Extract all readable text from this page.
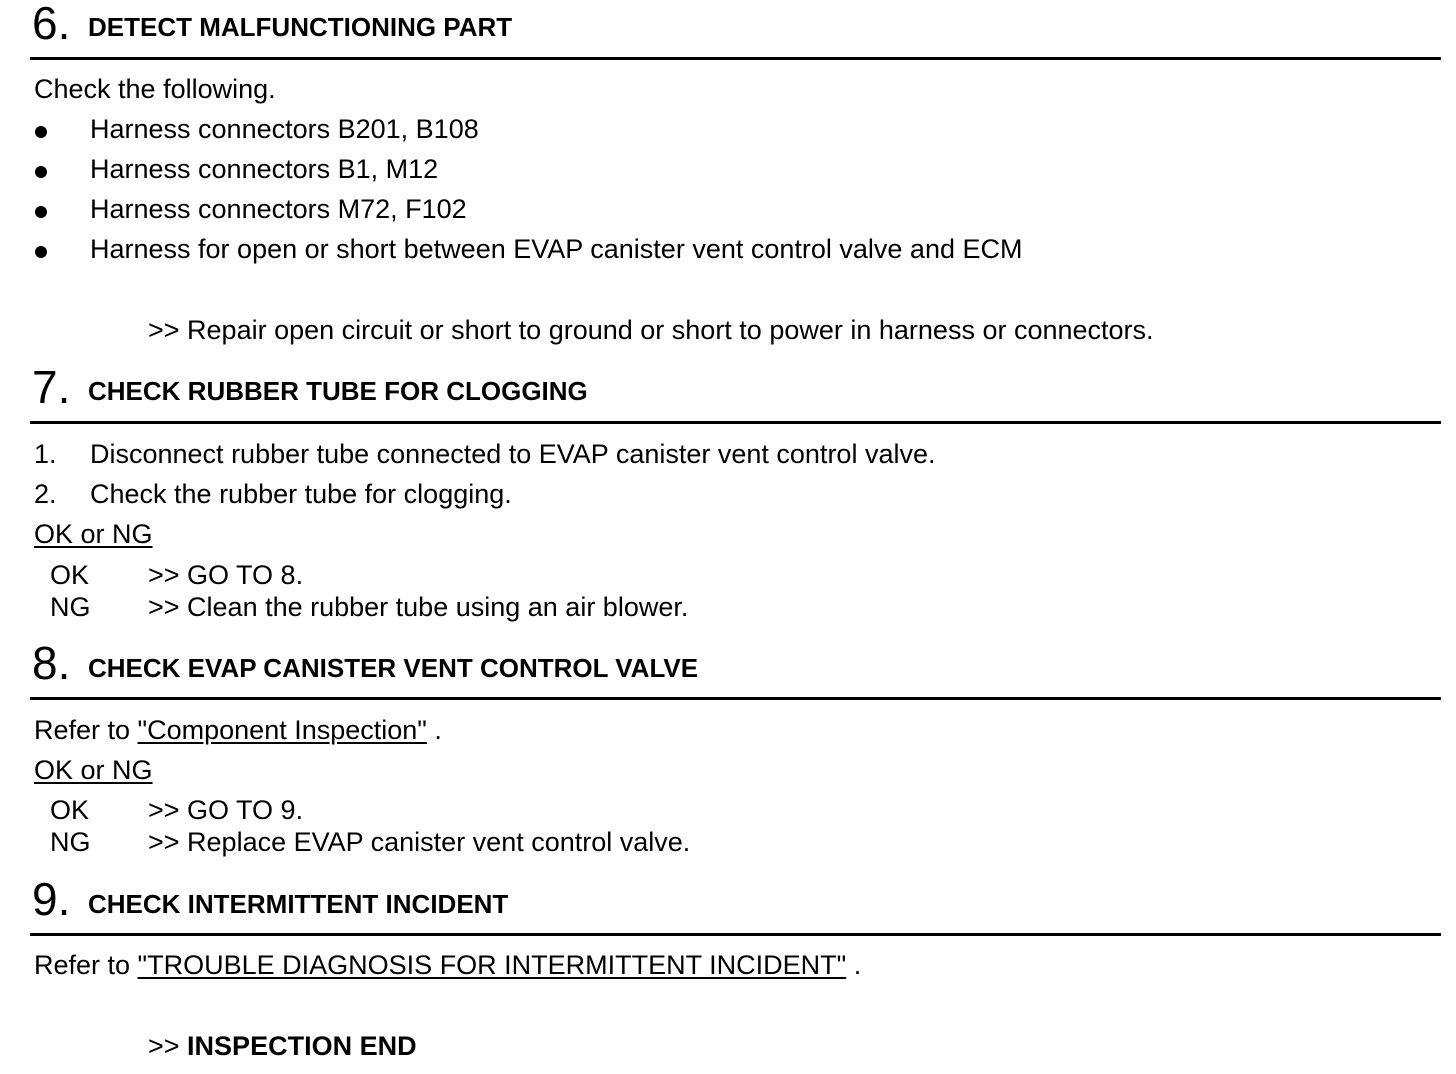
6. DETECT MALFUNCTIONING PART
Check the following.
Harness connectors B201, B108
Harness connectors B1, M12
Harness connectors M72, F102
Harness for open or short between EVAP canister vent control valve and ECM
>> Repair open circuit or short to ground or short to power in harness or connectors.
7. CHECK RUBBER TUBE FOR CLOGGING
1. Disconnect rubber tube connected to EVAP canister vent control valve.
2. Check the rubber tube for clogging.
OK or NG
OK >> GO TO 8.
NG >> Clean the rubber tube using an air blower.
8. CHECK EVAP CANISTER VENT CONTROL VALVE
Refer to "Component Inspection" .
OK or NG
OK >> GO TO 9.
NG >> Replace EVAP canister vent control valve.
9. CHECK INTERMITTENT INCIDENT
Refer to "TROUBLE DIAGNOSIS FOR INTERMITTENT INCIDENT" .
>> INSPECTION END
